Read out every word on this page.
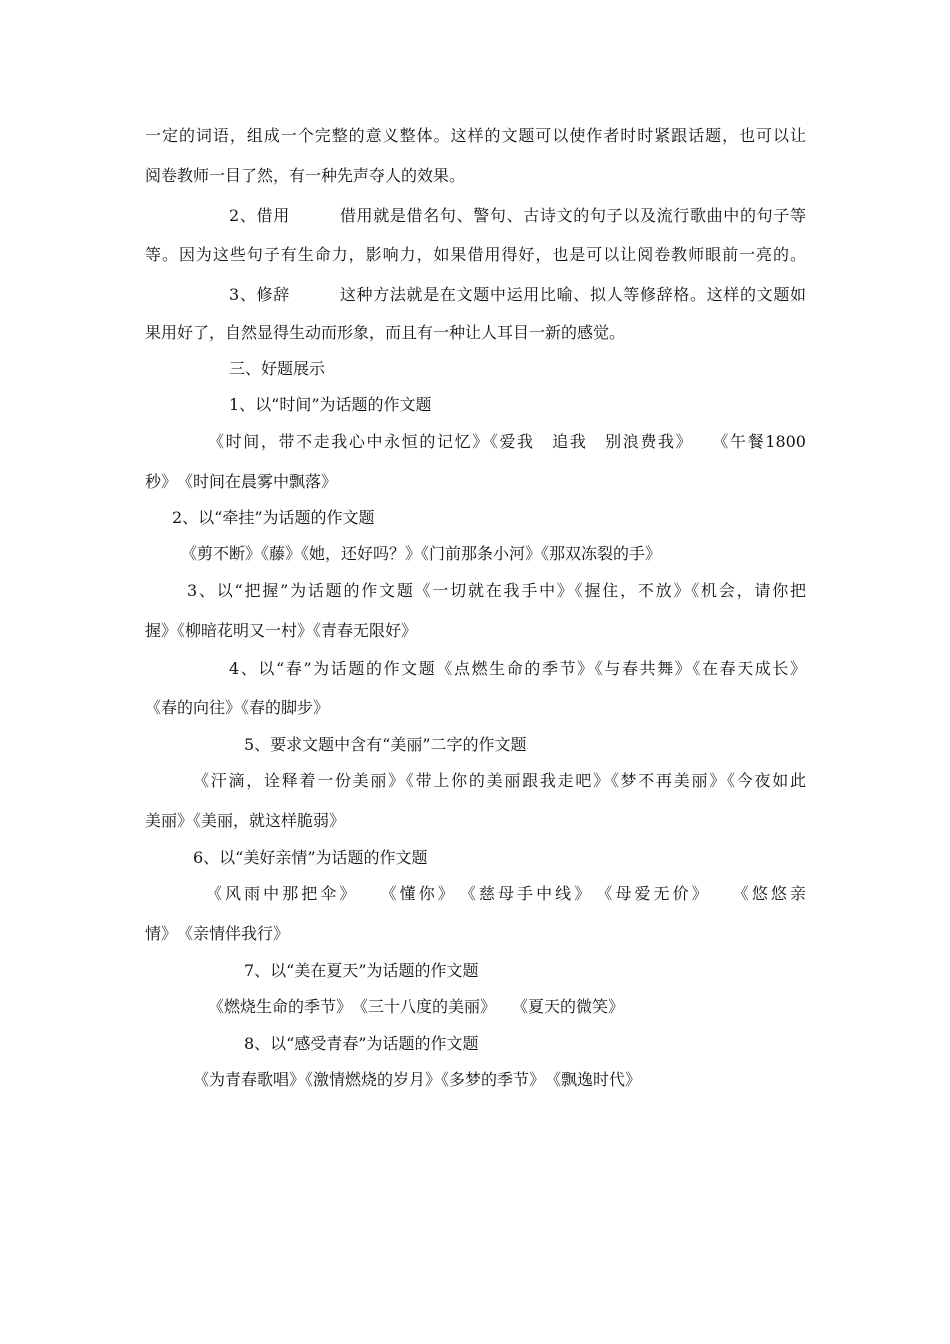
一定的词语，组成一个完整的意义整体。这样的文题可以使作者时时紧跟话题，也可以让
阅卷教师一目了然，有一种先声夺人的效果。
2、借用　　　借用就是借名句、警句、古诗文的句子以及流行歌曲中的句子等
等。因为这些句子有生命力，影响力，如果借用得好，也是可以让阅卷教师眼前一亮的。
3、修辞　　　这种方法就是在文题中运用比喻、拟人等修辞格。这样的文题如
果用好了，自然显得生动而形象，而且有一种让人耳目一新的感觉。
三、好题展示
1、以“时间”为话题的作文题
《时间，带不走我心中永恒的记忆》《爱我　追我　别浪费我》　　《午餐1800
秒》　《时间在晨雾中飘落》
2、以“牵挂”为话题的作文题
《剪不断》《藤》《她，还好吗？》《门前那条小河》《那双冻裂的手》
3、以“把握”为话题的作文题《一切就在我手中》《握住，不放》《机会，请你把
握》《柳暗花明又一村》《青春无限好》
4、以“春”为话题的作文题《点燃生命的季节》《与春共舞》《在春天成长》
《春的向往》《春的脚步》
5、要求文题中含有“美丽”二字的作文题
《汗滴，诠释着一份美丽》《带上你的美丽跟我走吧》《梦不再美丽》《今夜如此
美丽》《美丽，就这样脆弱》
6、以“美好亲情”为话题的作文题
《风雨中那把伞》　　《懂你》　《慈母手中线》　《母爱无价》　　《悠悠亲
情》　《亲情伴我行》
7、以“美在夏天”为话题的作文题
《燃烧生命的季节》　《三十八度的美丽》　　《夏天的微笑》
8、以“感受青春”为话题的作文题
《为青春歌唱》《激情燃烧的岁月》《多梦的季节》　《飘逸时代》
